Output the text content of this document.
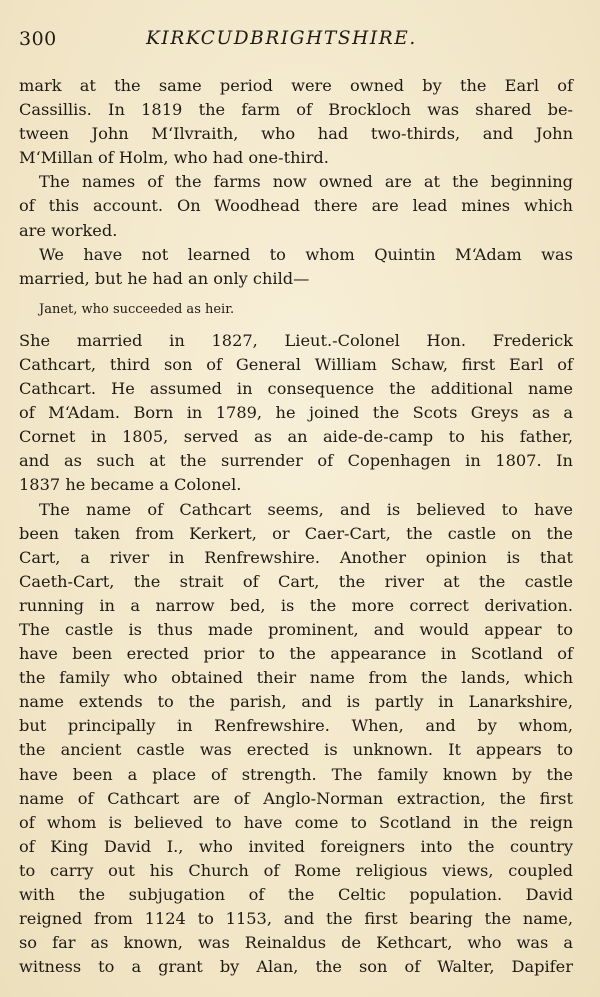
300	KIRKCUDBRIGHTSHIRE.
mark at the same period were owned by the Earl of
Cassillis. In 1819 the farm of Brockloch was shared be-
tween John M‘Ilvraith, who had two-thirds, and John
M‘Millan of Holm, who had one-third.
The names of the farms now owned are at the beginning
of this account. On Woodhead there are lead mines which
are worked.
We have not learned to whom Quintin M‘Adam was
married, but he had an only child—
Janet, who succeeded as heir.
She married in 1827, Lieut.-Colonel Hon. Frederick
Cathcart, third son of General William Schaw, first Earl of
Cathcart. He assumed in consequence the additional name
of M‘Adam. Born in 1789, he joined the Scots Greys as a
Cornet in 1805, served as an aide-de-camp to his father,
and as such at the surrender of Copenhagen in 1807. In
1837 he became a Colonel.
The name of Cathcart seems, and is believed to have
been taken from Kerkert, or Caer-Cart, the castle on the
Cart, a river in Renfrewshire. Another opinion is that
Caeth-Cart, the strait of Cart, the river at the castle
running in a narrow bed, is the more correct derivation.
The castle is thus made prominent, and would appear to
have been erected prior to the appearance in Scotland of
the family who obtained their name from the lands, which
name extends to the parish, and is partly in Lanarkshire,
but principally in Renfrewshire. When, and by whom,
the ancient castle was erected is unknown. It appears to
have been a place of strength. The family known by the
name of Cathcart are of Anglo-Norman extraction, the first
of whom is believed to have come to Scotland in the reign
of King David I., who invited foreigners into the country
to carry out his Church of Rome religious views, coupled
with the subjugation of the Celtic population. David
reigned from 1124 to 1153, and the first bearing the name,
so far as known, was Reinaldus de Kethcart, who was a
witness to a grant by Alan, the son of Walter, Dapifer
